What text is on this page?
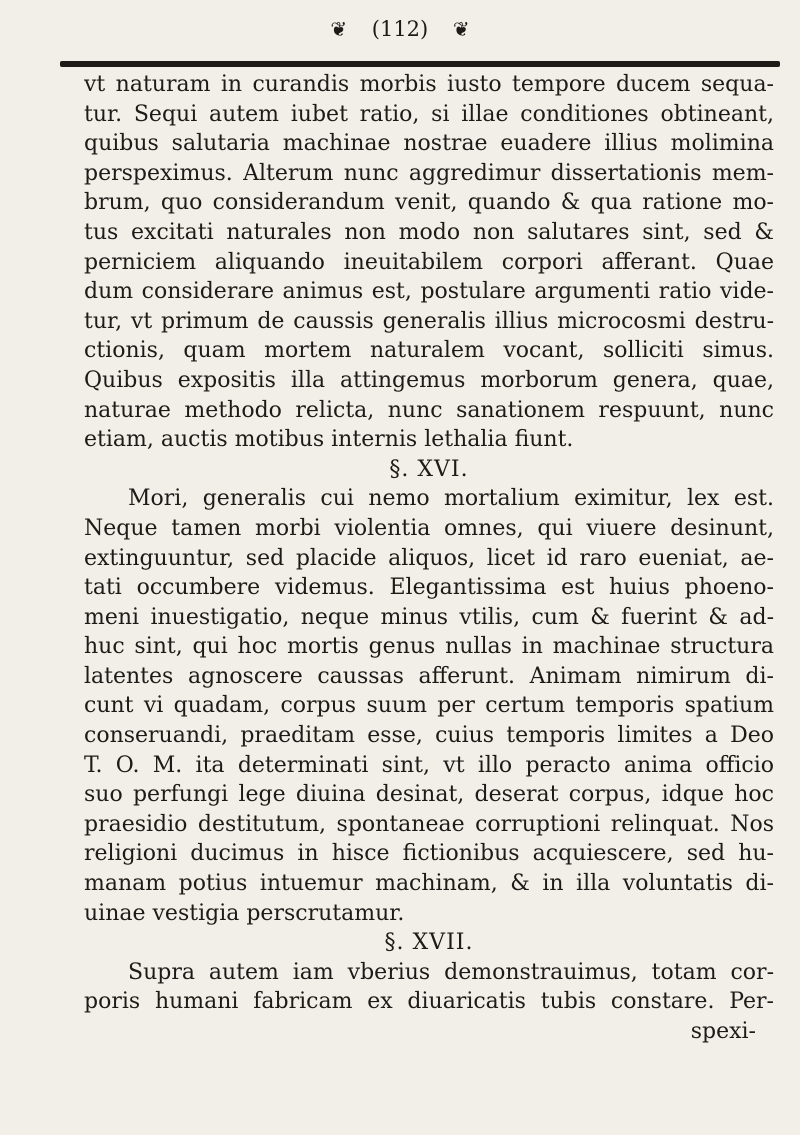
❦ (112) ❦
vt naturam in curandis morbis iusto tempore ducem sequa-
tur. Sequi autem iubet ratio, si illae conditiones obtineant,
quibus salutaria machinae nostrae euadere illius molimina
perspeximus. Alterum nunc aggredimur dissertationis mem-
brum, quo considerandum venit, quando & qua ratione mo-
tus excitati naturales non modo non salutares sint, sed &
perniciem aliquando ineuitabilem corpori afferant. Quae
dum considerare animus est, postulare argumenti ratio vide-
tur, vt primum de caussis generalis illius microcosmi destru-
ctionis, quam mortem naturalem vocant, solliciti simus.
Quibus expositis illa attingemus morborum genera, quae,
naturae methodo relicta, nunc sanationem respuunt, nunc
etiam, auctis motibus internis lethalia fiunt.
§. XVI.
Mori, generalis cui nemo mortalium eximitur, lex est.
Neque tamen morbi violentia omnes, qui viuere desinunt,
extinguuntur, sed placide aliquos, licet id raro eueniat, ae-
tati occumbere videmus. Elegantissima est huius phoeno-
meni inuestigatio, neque minus vtilis, cum & fuerint & ad-
huc sint, qui hoc mortis genus nullas in machinae structura
latentes agnoscere caussas afferunt. Animam nimirum di-
cunt vi quadam, corpus suum per certum temporis spatium
conseruandi, praeditam esse, cuius temporis limites a Deo
T. O. M. ita determinati sint, vt illo peracto anima officio
suo perfungi lege diuina desinat, deserat corpus, idque hoc
praesidio destitutum, spontaneae corruptioni relinquat. Nos
religioni ducimus in hisce fictionibus acquiescere, sed hu-
manam potius intuemur machinam, & in illa voluntatis di-
uinae vestigia perscrutamur.
§. XVII.
Supra autem iam vberius demonstrauimus, totam cor-
poris humani fabricam ex diuaricatis tubis constare. Per-
spexi-
